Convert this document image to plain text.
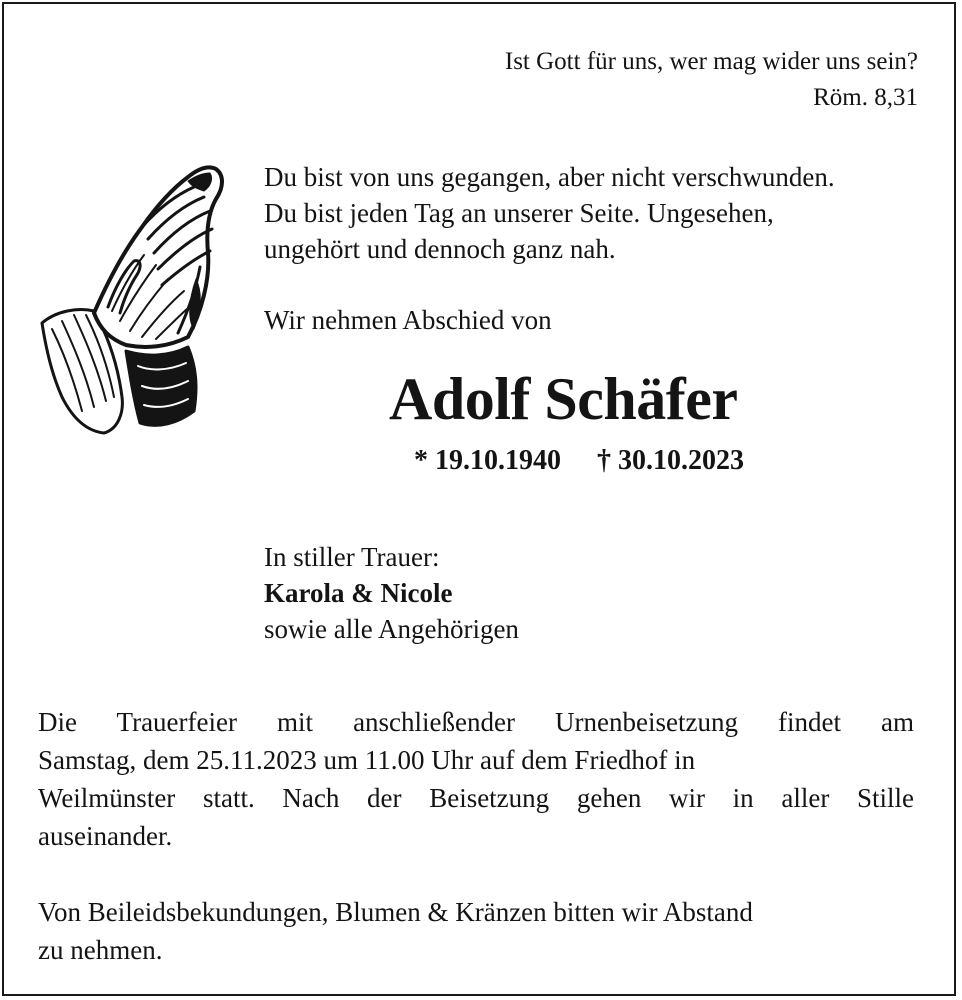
Ist Gott für uns, wer mag wider uns sein?
Röm. 8,31
Du bist von uns gegangen, aber nicht verschwunden.
Du bist jeden Tag an unserer Seite. Ungesehen,
ungehört und dennoch ganz nah.
Wir nehmen Abschied von
Adolf Schäfer
* 19.10.1940 † 30.10.2023
In stiller Trauer:
Karola & Nicole
sowie alle Angehörigen
Die Trauerfeier mit anschließender Urnenbeisetzung findet am
Samstag, dem 25.11.2023 um 11.00 Uhr auf dem Friedhof in
Weilmünster statt. Nach der Beisetzung gehen wir in aller Stille
auseinander.
Von Beileidsbekundungen, Blumen & Kränzen bitten wir Abstand
zu nehmen.
